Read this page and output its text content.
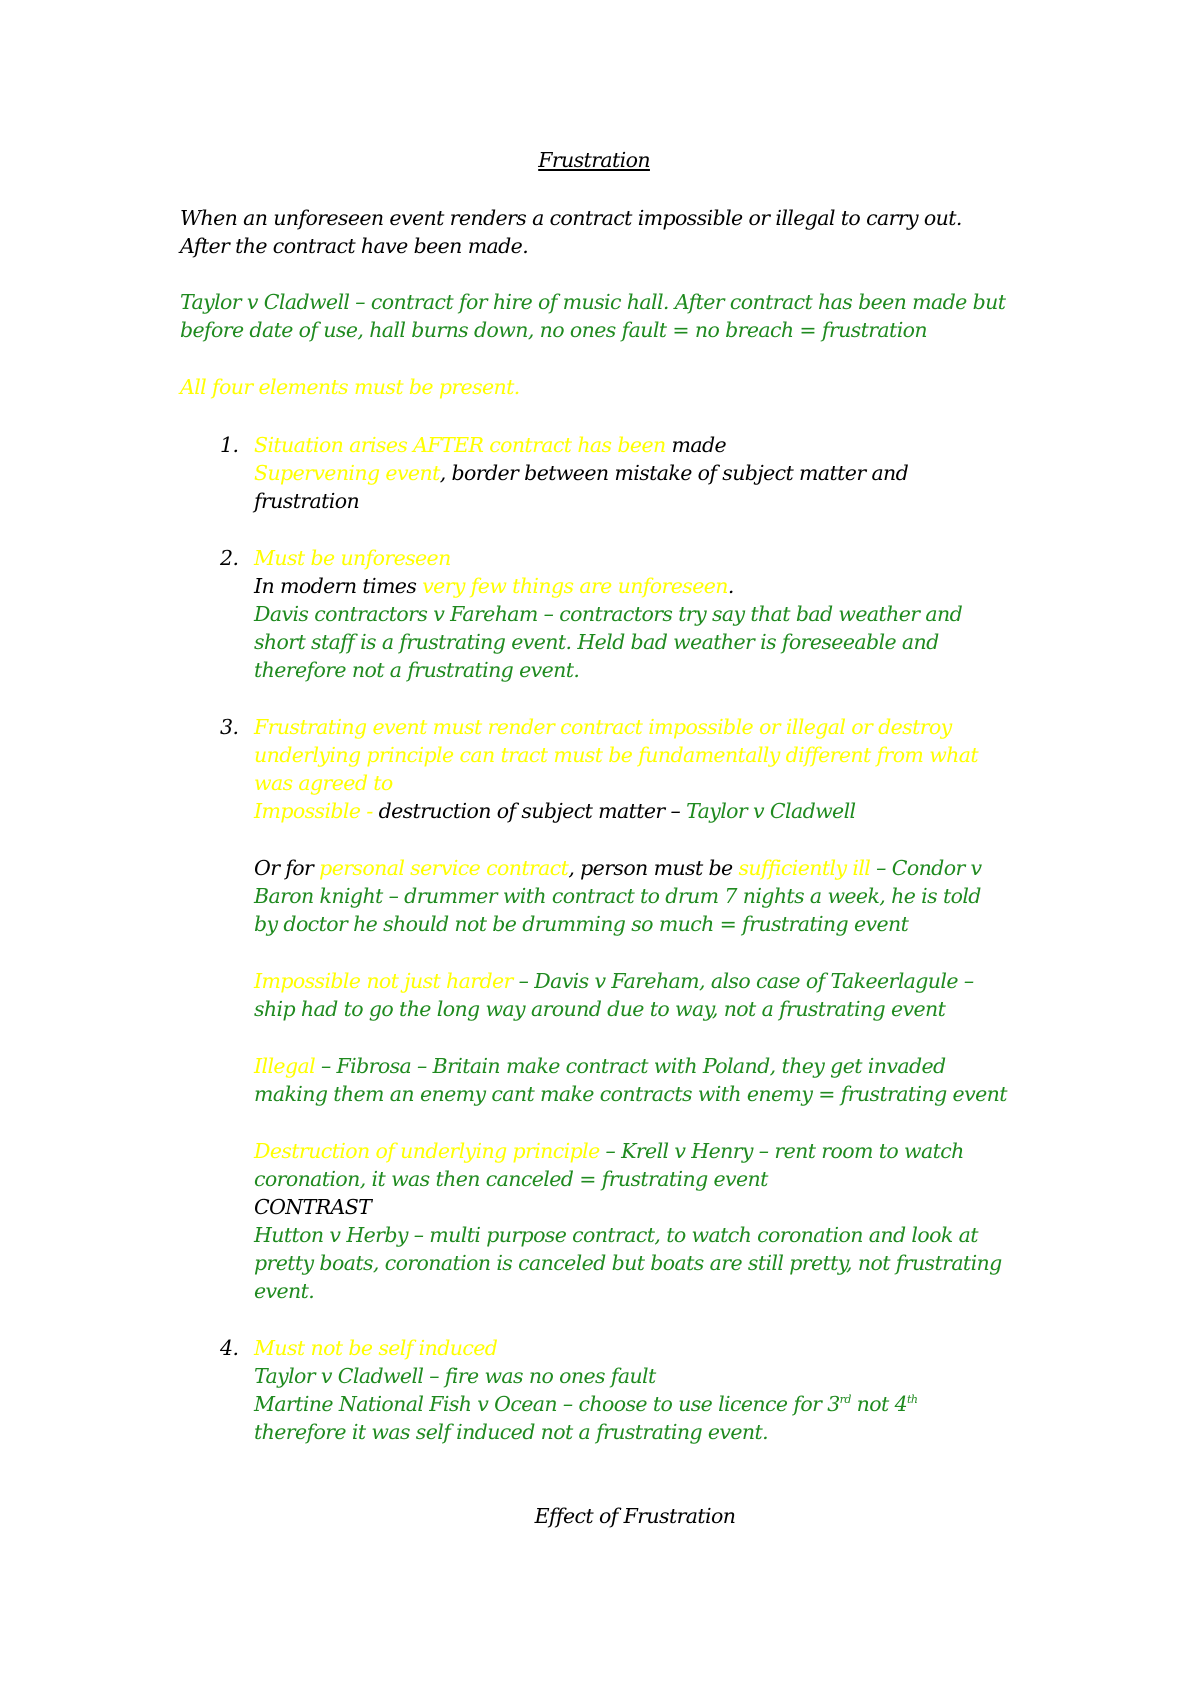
Frustration
When an unforeseen event renders a contract impossible or illegal to carry out.
After the contract have been made.
Taylor v Cladwell – contract for hire of music hall. After contract has been made but
before date of use, hall burns down, no ones fault = no breach = frustration
All four elements must be present.
1. Situation arises AFTER contract has been made
Supervening event, border between mistake of subject matter and
frustration
2. Must be unforeseen
In modern times very few things are unforeseen.
Davis contractors v Fareham – contractors try say that bad weather and
short staff is a frustrating event. Held bad weather is foreseeable and
therefore not a frustrating event.
3. Frustrating event must render contract impossible or illegal or destroy
underlying principle can tract must be fundamentally different from what
was agreed to
Impossible - destruction of subject matter – Taylor v Cladwell
Or for personal service contract, person must be sufficiently ill – Condor v
Baron knight – drummer with contract to drum 7 nights a week, he is told
by doctor he should not be drumming so much = frustrating event
Impossible not just harder – Davis v Fareham, also case of Takeerlagule –
ship had to go the long way around due to way, not a frustrating event
Illegal – Fibrosa – Britain make contract with Poland, they get invaded
making them an enemy cant make contracts with enemy = frustrating event
Destruction of underlying principle – Krell v Henry – rent room to watch
coronation, it was then canceled = frustrating event
CONTRAST
Hutton v Herby – multi purpose contract, to watch coronation and look at
pretty boats, coronation is canceled but boats are still pretty, not frustrating
event.
4. Must not be self induced
Taylor v Cladwell – fire was no ones fault
Martine National Fish v Ocean – choose to use licence for 3rd not 4th
therefore it was self induced not a frustrating event.
Effect of Frustration
